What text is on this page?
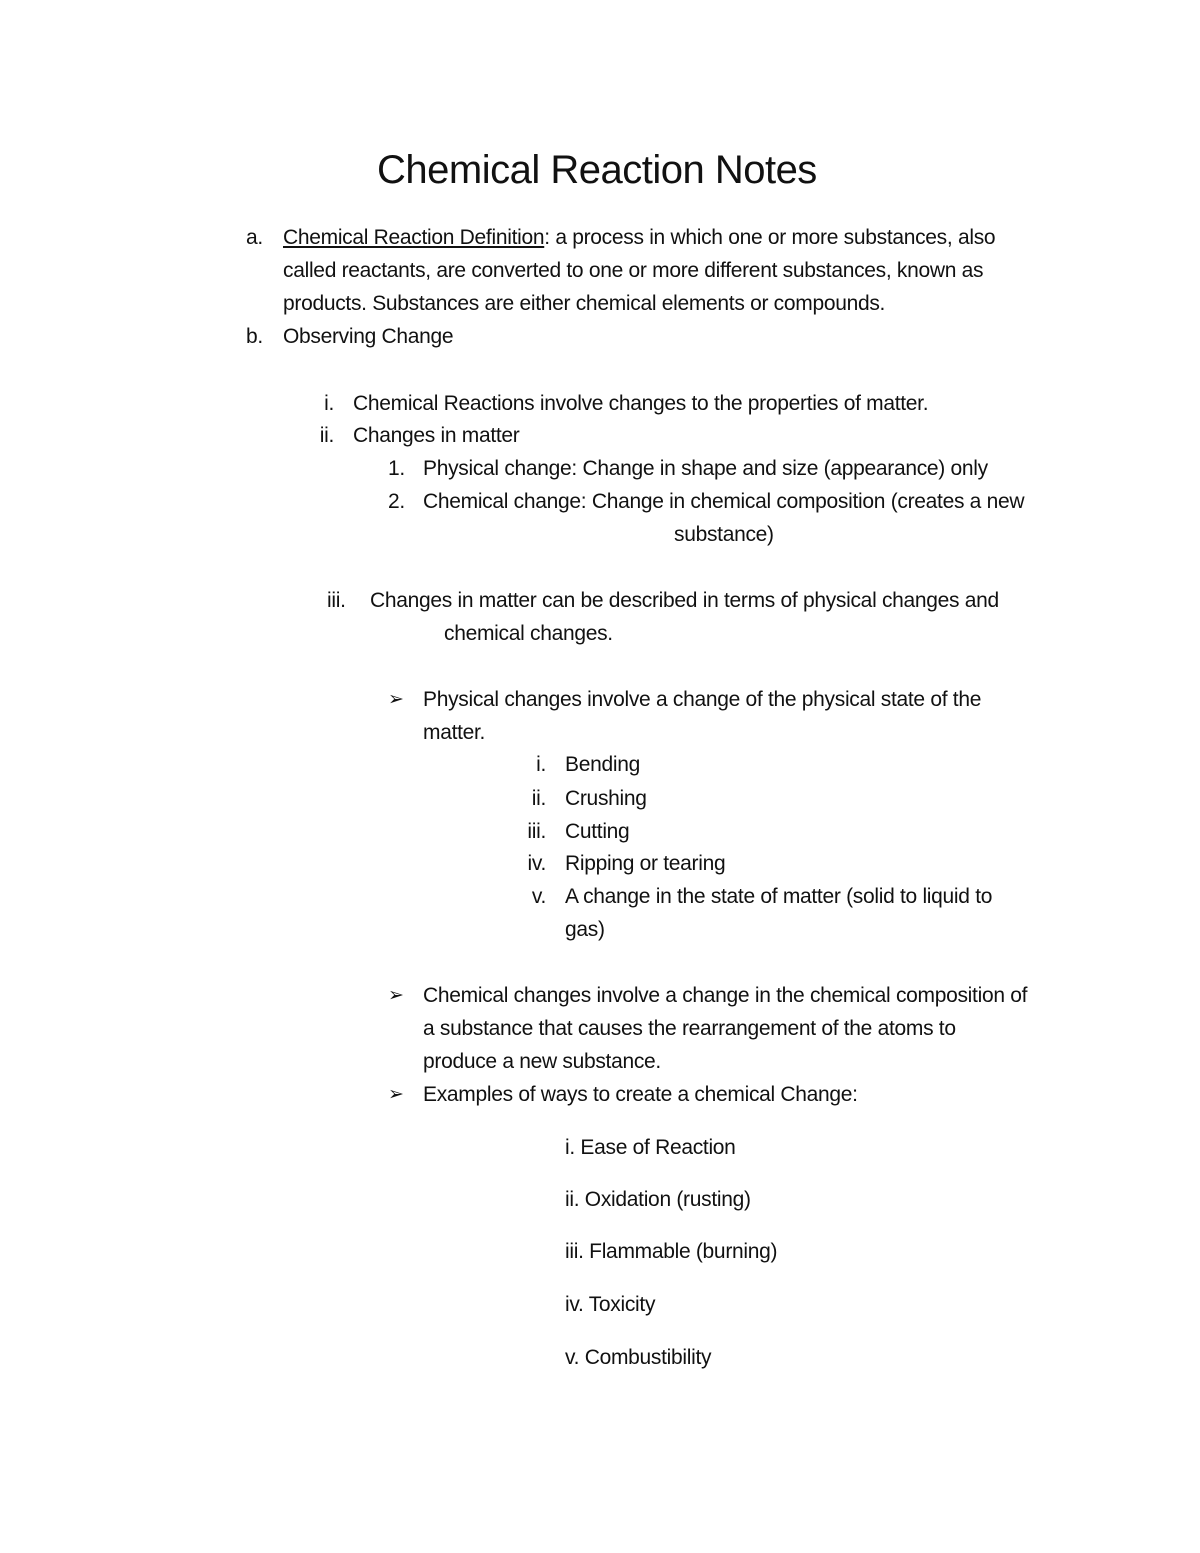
Chemical Reaction Notes
a. Chemical Reaction Definition: a process in which one or more substances, also
called reactants, are converted to one or more different substances, known as
products. Substances are either chemical elements or compounds.
b. Observing Change
i. Chemical Reactions involve changes to the properties of matter.
ii. Changes in matter
1. Physical change: Change in shape and size (appearance) only
2. Chemical change: Change in chemical composition (creates a new
substance)
iii. Changes in matter can be described in terms of physical changes and
chemical changes.
➢ Physical changes involve a change of the physical state of the
matter.
i. Bending
ii. Crushing
iii. Cutting
iv. Ripping or tearing
v. A change in the state of matter (solid to liquid to
gas)
➢ Chemical changes involve a change in the chemical composition of
a substance that causes the rearrangement of the atoms to
produce a new substance.
➢ Examples of ways to create a chemical Change:
i. Ease of Reaction
ii. Oxidation (rusting)
iii. Flammable (burning)
iv. Toxicity
v. Combustibility
